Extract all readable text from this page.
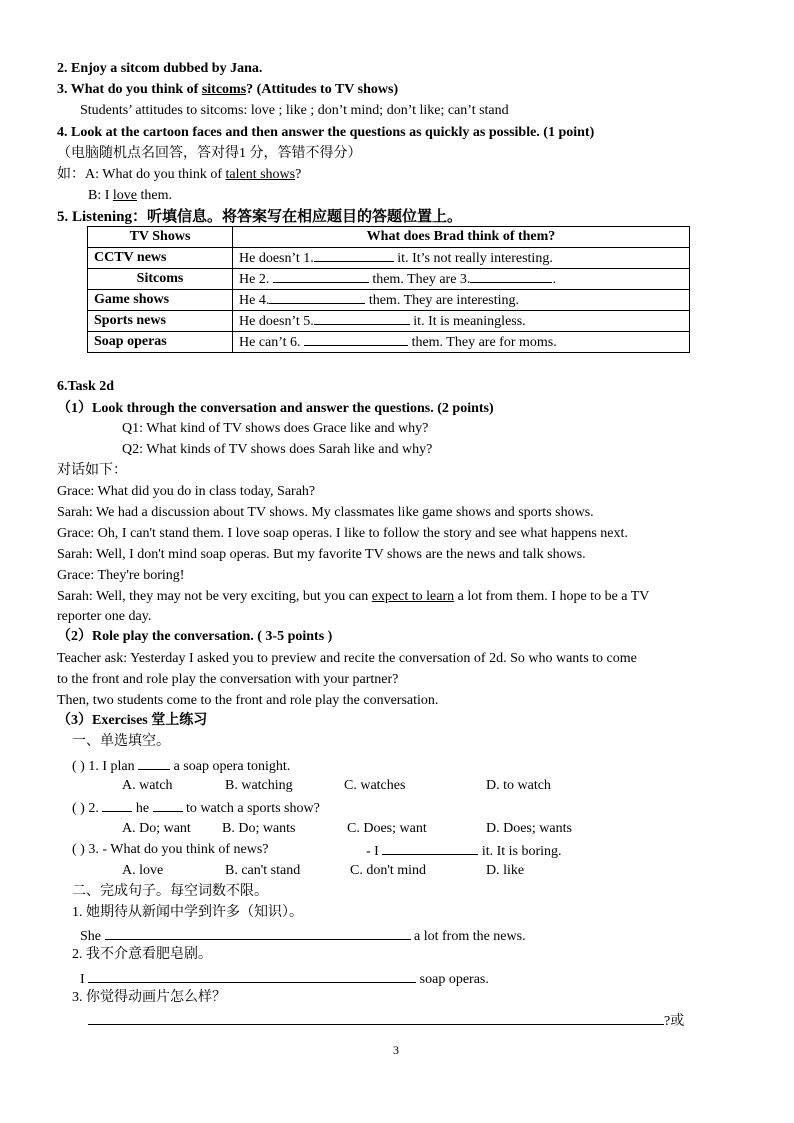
2. Enjoy a sitcom dubbed by Jana.
3. What do you think of sitcoms? (Attitudes to TV shows)
Students’ attitudes to sitcoms: love ; like ; don’t mind; don’t like; can’t stand
4. Look at the cartoon faces and then answer the questions as quickly as possible. (1 point)
（电脑随机点名回答，答对得1 分，答错不得分）
如：A: What do you think of talent shows?
B: I love them.
5. Listening：听填信息。将答案写在相应题目的答题位置上。
TV Shows	What does Brad think of them?
CCTV news	He doesn’t 1. it. It’s not really interesting.
Sitcoms	He 2. them. They are 3. .
Game shows	He 4. them. They are interesting.
Sports news	He doesn’t 5. it. It is meaningless.
Soap operas	He can’t 6. them. They are for moms.
6.Task 2d
（1）Look through the conversation and answer the questions. (2 points)
Q1: What kind of TV shows does Grace like and why?
Q2: What kinds of TV shows does Sarah like and why?
对话如下：
Grace: What did you do in class today, Sarah?
Sarah: We had a discussion about TV shows. My classmates like game shows and sports shows.
Grace: Oh, I can't stand them. I love soap operas. I like to follow the story and see what happens next.
Sarah: Well, I don't mind soap operas. But my favorite TV shows are the news and talk shows.
Grace: They're boring!
Sarah: Well, they may not be very exciting, but you can expect to learn a lot from them. I hope to be a TV
reporter one day.
（2）Role play the conversation. ( 3-5 points )
Teacher ask: Yesterday I asked you to preview and recite the conversation of 2d. So who wants to come
to the front and role play the conversation with your partner?
Then, two students come to the front and role play the conversation.
（3）Exercises 堂上练习
一、单选填空。
( ) 1. I plan  a soap opera tonight.
A. watch	B. watching	C. watches	D. to watch
( ) 2.  he  to watch a sports show?
A. Do; want B. Do; wants	C. Does; want	D. Does; wants
( ) 3. - What do you think of news?	- I	it. It is boring.
A. love	B. can't stand	C. don't mind	D. like
二、完成句子。每空词数不限。
1. 她期待从新闻中学到许多（知识）。
She	a lot from the news.
2. 我不介意看肥皂剧。
I	soap operas.
3. 你觉得动画片怎么样？
?或
3
